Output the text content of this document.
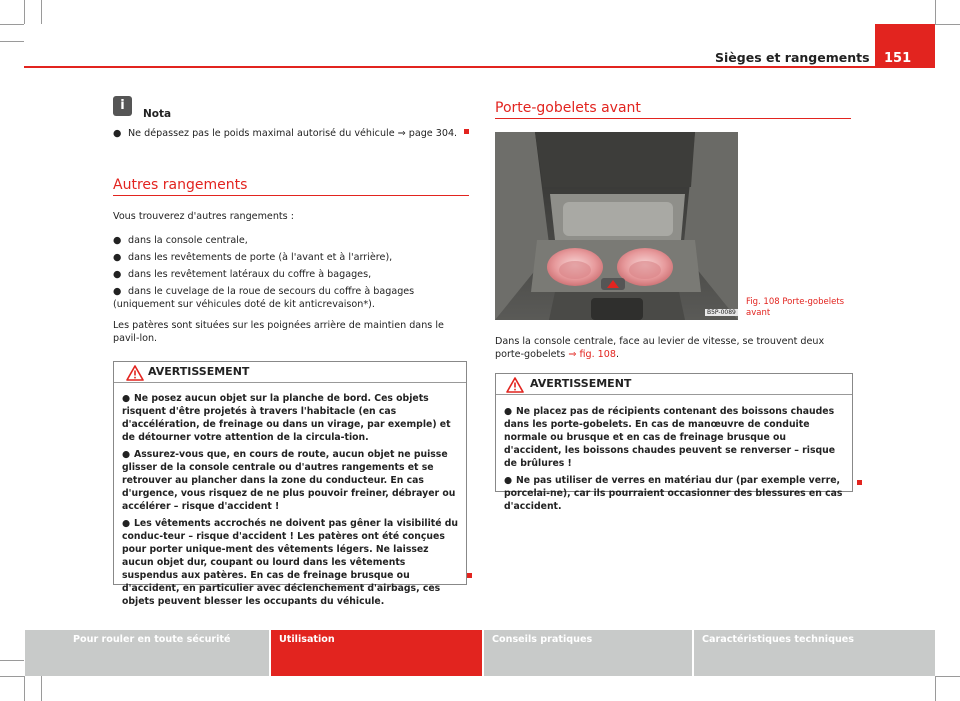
Sièges et rangements	151
i
Nota
● Ne dépassez pas le poids maximal autorisé du véhicule ⇒ page 304.
Autres rangements

Vous trouverez d'autres rangements :

● dans la console centrale,
● dans les revêtements de porte (à l'avant et à l'arrière),
● dans les revêtement latéraux du coffre à bagages,
● dans le cuvelage de la roue de secours du coffre à bagages (uniquement sur véhicules doté de kit anticrevaison*).

Les patères sont situées sur les poignées arrière de maintien dans le pavil-lon.

AVERTISSEMENT
● Ne posez aucun objet sur la planche de bord. Ces objets risquent d'être projetés à travers l'habitacle (en cas d'accélération, de freinage ou dans un virage, par exemple) et de détourner votre attention de la circula-tion.
● Assurez-vous que, en cours de route, aucun objet ne puisse glisser de la console centrale ou d'autres rangements et se retrouver au plancher dans la zone du conducteur. En cas d'urgence, vous risquez de ne plus pouvoir freiner, débrayer ou accélérer – risque d'accident !
● Les vêtements accrochés ne doivent pas gêner la visibilité du conduc-teur – risque d'accident ! Les patères ont été conçues pour porter unique-ment des vêtements légers. Ne laissez aucun objet dur, coupant ou lourd dans les vêtements suspendus aux patères. En cas de freinage brusque ou d'accident, en particulier avec déclenchement d'airbags, ces objets peuvent blesser les occupants du véhicule.
Porte-gobelets avant
B5P-0089
Fig. 108 Porte-gobelets
avant

Dans la console centrale, face au levier de vitesse, se trouvent deux porte-gobelets ⇒ fig. 108.

AVERTISSEMENT
● Ne placez pas de récipients contenant des boissons chaudes dans les porte-gobelets. En cas de manœuvre de conduite normale ou brusque et en cas de freinage brusque ou d'accident, les boissons chaudes peuvent se renverser – risque de brûlures !
● Ne pas utiliser de verres en matériau dur (par exemple verre, porcelai-ne), car ils pourraient occasionner des blessures en cas d'accident.
Pour rouler en toute sécurité	Utilisation	Conseils pratiques	Caractéristiques techniques
